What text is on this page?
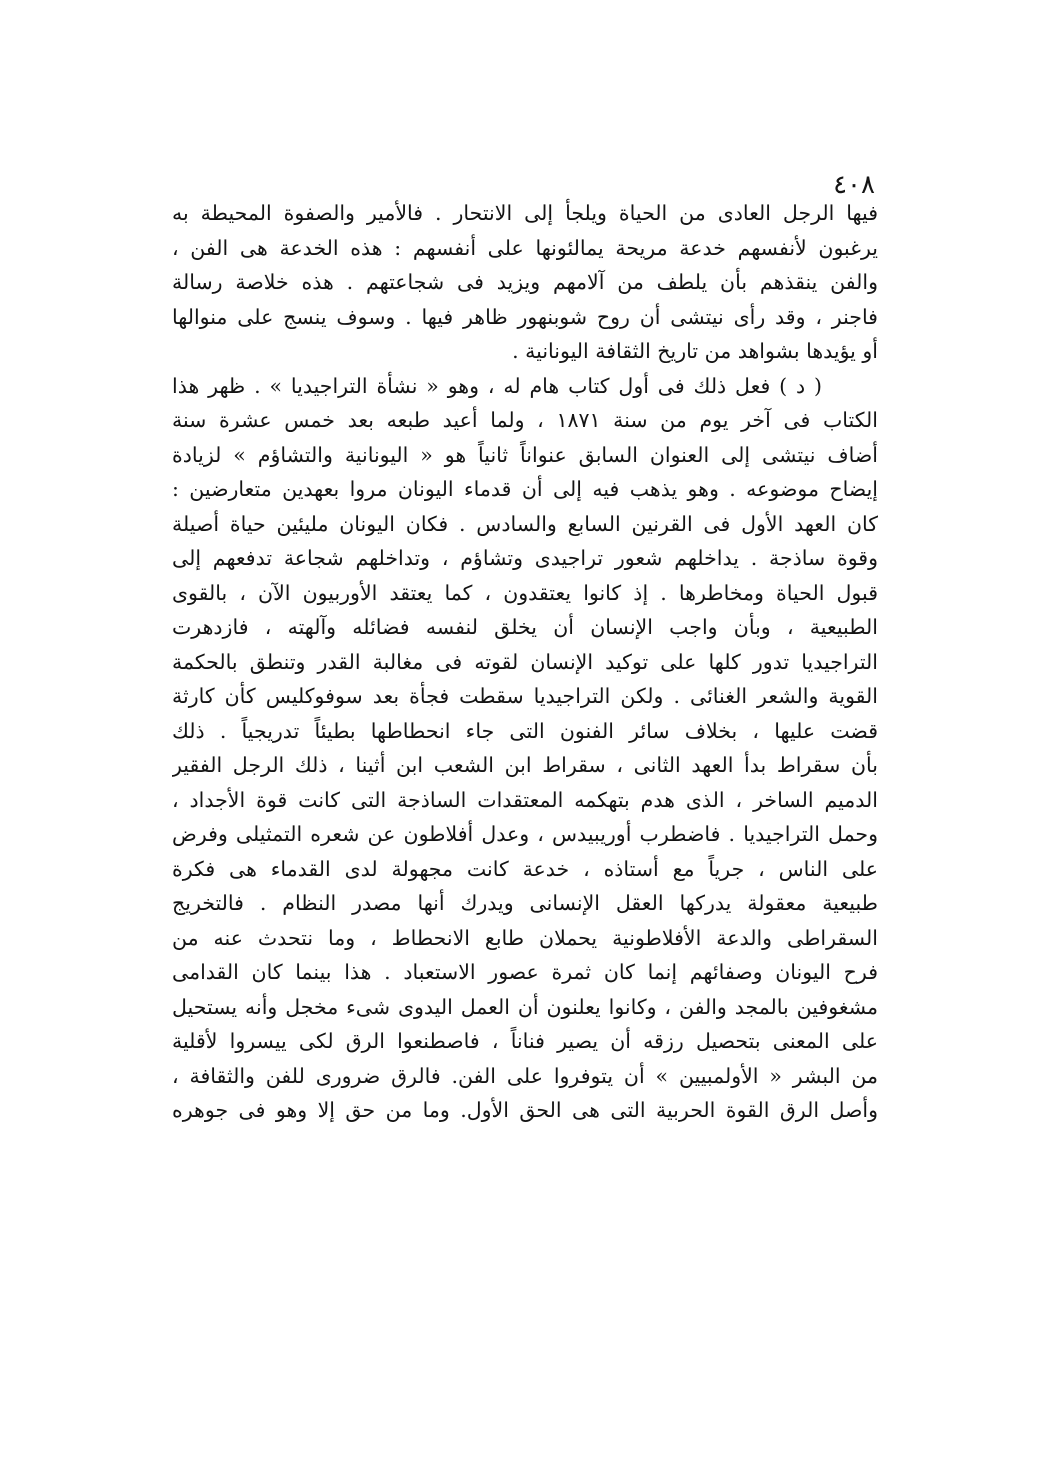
٤٠٨
فيها الرجل العادى من الحياة ويلجأ إلى الانتحار . فالأمير والصفوة المحيطة به
يرغبون لأنفسهم خدعة مريحة يمالئونها على أنفسهم : هذه الخدعة هى الفن ،
والفن ينقذهم بأن يلطف من آلامهم ويزيد فى شجاعتهم . هذه خلاصة رسالة
فاجنر ، وقد رأى نيتشى أن روح شوبنهور ظاهر فيها . وسوف ينسج على منوالها
أو يؤيدها بشواهد من تاريخ الثقافة اليونانية .
( د ) فعل ذلك فى أول كتاب هام له ، وهو « نشأة التراجيديا » . ظهر هذا
الكتاب فى آخر يوم من سنة ١٨٧١ ، ولما أعيد طبعه بعد خمس عشرة سنة
أضاف نيتشى إلى العنوان السابق عنواناً ثانياً هو « اليونانية والتشاؤم » لزيادة
إيضاح موضوعه . وهو يذهب فيه إلى أن قدماء اليونان مروا بعهدين متعارضين :
كان العهد الأول فى القرنين السابع والسادس . فكان اليونان مليئين حياة أصيلة
وقوة ساذجة . يداخلهم شعور تراجيدى وتشاؤم ، وتداخلهم شجاعة تدفعهم إلى
قبول الحياة ومخاطرها . إذ كانوا يعتقدون ، كما يعتقد الأوربيون الآن ، بالقوى
الطبيعية ، وبأن واجب الإنسان أن يخلق لنفسه فضائله وآلهته ، فازدهرت
التراجيديا تدور كلها على توكيد الإنسان لقوته فى مغالبة القدر وتنطق بالحكمة
القوية والشعر الغنائى . ولكن التراجيديا سقطت فجأة بعد سوفوكليس كأن كارثة
قضت عليها ، بخلاف سائر الفنون التى جاء انحطاطها بطيئاً تدريجياً . ذلك
بأن سقراط بدأ العهد الثانى ، سقراط ابن الشعب ابن أثينا ، ذلك الرجل الفقير
الدميم الساخر ، الذى هدم بتهكمه المعتقدات الساذجة التى كانت قوة الأجداد ،
وحمل التراجيديا . فاضطرب أوريبيدس ، وعدل أفلاطون عن شعره التمثيلى وفرض
على الناس ، جرياً مع أستاذه ، خدعة كانت مجهولة لدى القدماء هى فكرة
طبيعية معقولة يدركها العقل الإنسانى ويدرك أنها مصدر النظام . فالتخريج
السقراطى والدعة الأفلاطونية يحملان طابع الانحطاط ، وما نتحدث عنه من
فرح اليونان وصفائهم إنما كان ثمرة عصور الاستعباد . هذا بينما كان القدامى
مشغوفين بالمجد والفن ، وكانوا يعلنون أن العمل اليدوى شىء مخجل وأنه يستحيل
على المعنى بتحصيل رزقه أن يصير فناناً ، فاصطنعوا الرق لكى ييسروا لأقلية
من البشر « الأولمبيين » أن يتوفروا على الفن. فالرق ضرورى للفن والثقافة ،
وأصل الرق القوة الحربية التى هى الحق الأول. وما من حق إلا وهو فى جوهره
